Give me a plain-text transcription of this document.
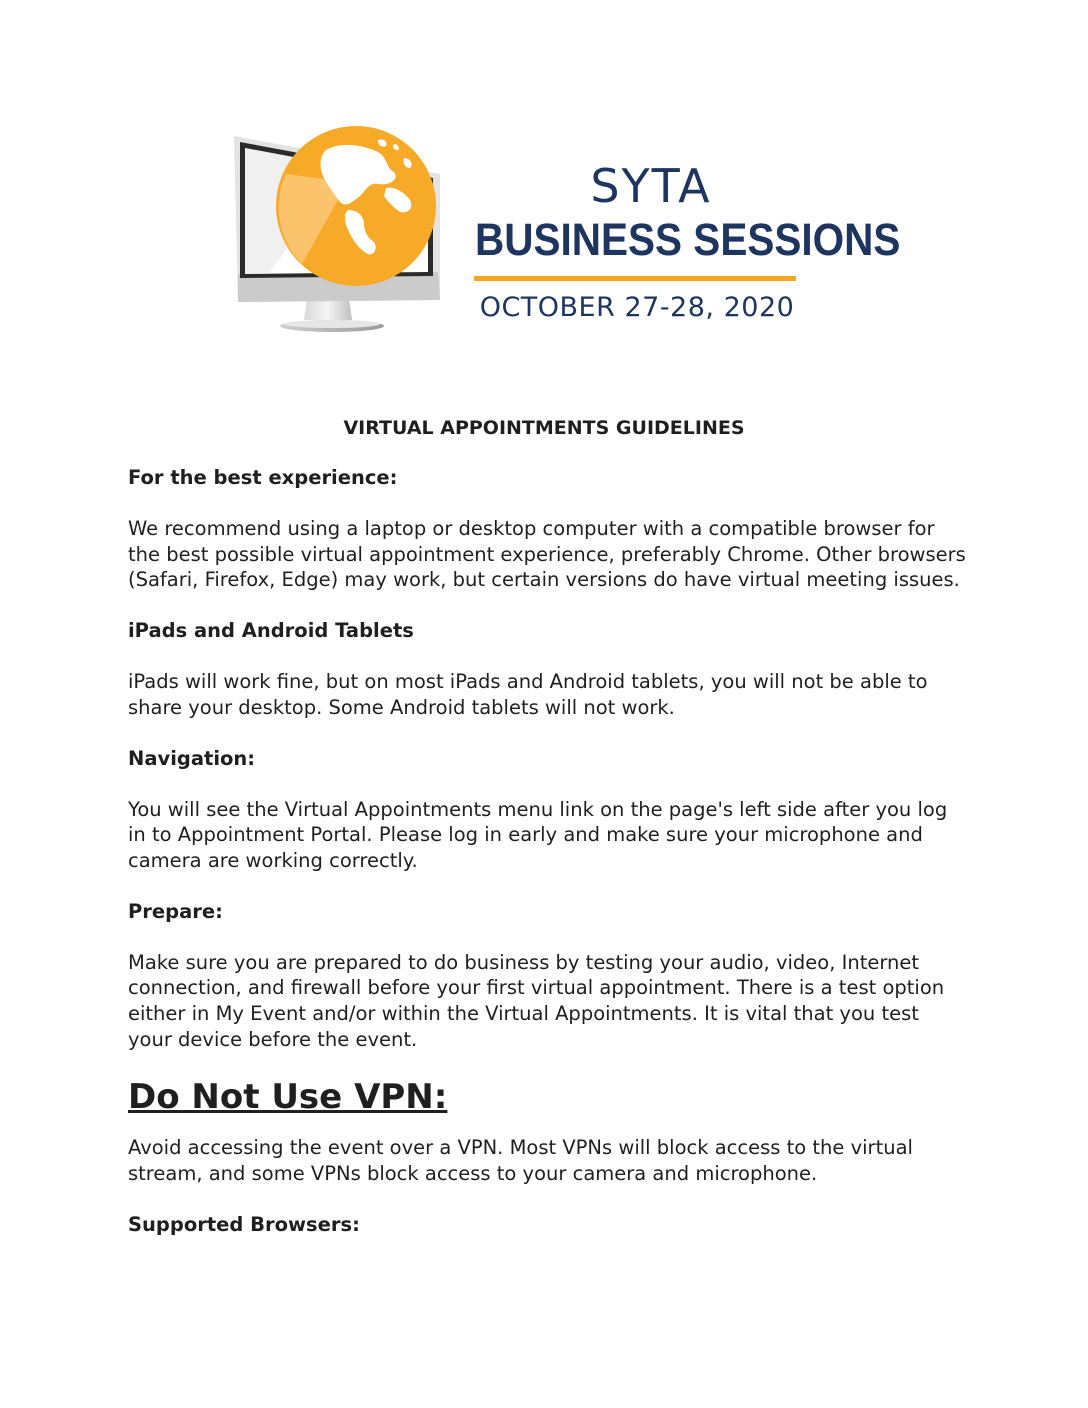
SYTA
BUSINESS SESSIONS
OCTOBER 27-28, 2020
VIRTUAL APPOINTMENTS GUIDELINES
For the best experience:
We recommend using a laptop or desktop computer with a compatible browser for the best possible virtual appointment experience, preferably Chrome. Other browsers (Safari, Firefox, Edge) may work, but certain versions do have virtual meeting issues.
iPads and Android Tablets
iPads will work fine, but on most iPads and Android tablets, you will not be able to share your desktop. Some Android tablets will not work.
Navigation:
You will see the Virtual Appointments menu link on the page's left side after you log in to Appointment Portal. Please log in early and make sure your microphone and camera are working correctly.
Prepare:
Make sure you are prepared to do business by testing your audio, video, Internet connection, and firewall before your first virtual appointment. There is a test option either in My Event and/or within the Virtual Appointments. It is vital that you test your device before the event.
Do Not Use VPN:
Avoid accessing the event over a VPN. Most VPNs will block access to the virtual stream, and some VPNs block access to your camera and microphone.
Supported Browsers:
